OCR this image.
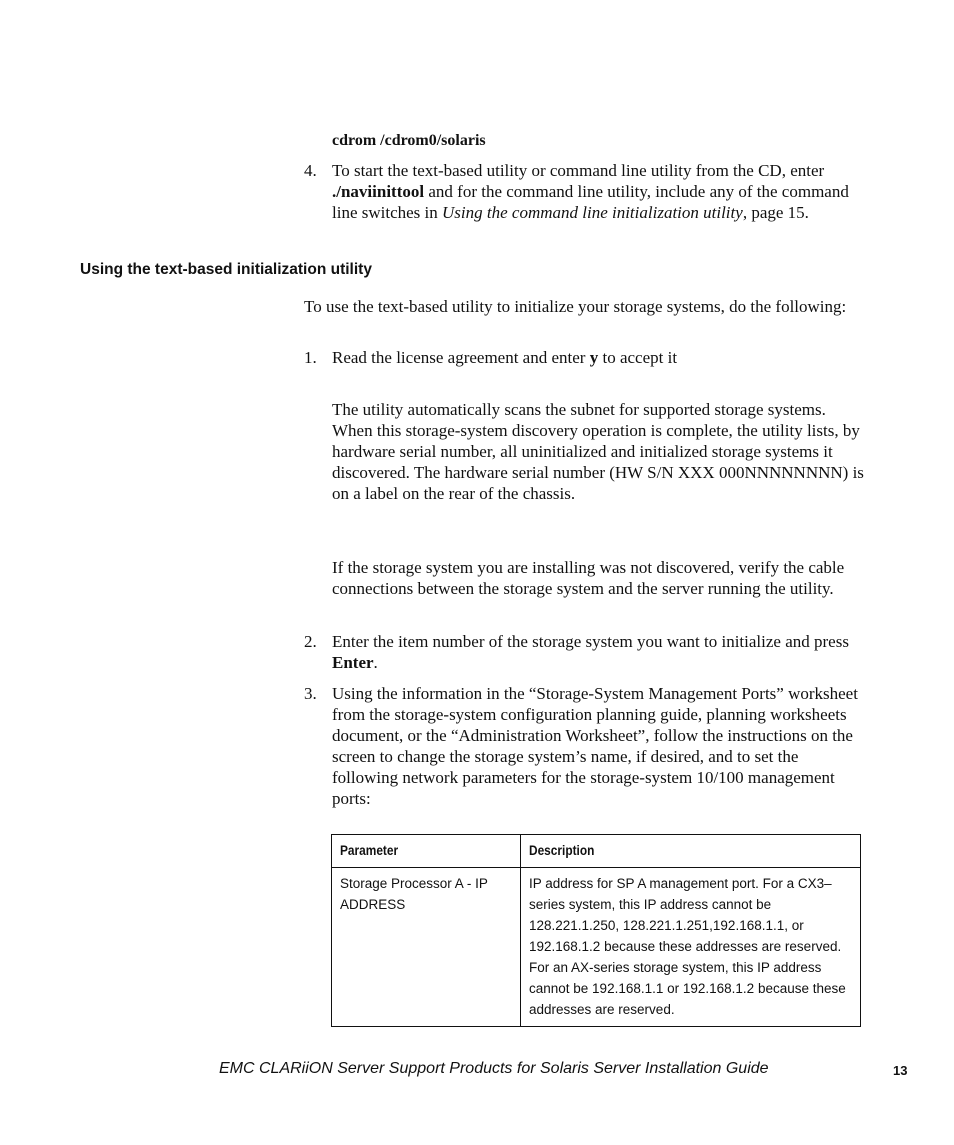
cdrom /cdrom0/solaris
4. To start the text-based utility or command line utility from the CD, enter ./naviinittool and for the command line utility, include any of the command line switches in Using the command line initialization utility, page 15.
Using the text-based initialization utility
To use the text-based utility to initialize your storage systems, do the following:
1. Read the license agreement and enter y to accept it
The utility automatically scans the subnet for supported storage systems. When this storage-system discovery operation is complete, the utility lists, by hardware serial number, all uninitialized and initialized storage systems it discovered. The hardware serial number (HW S/N XXX 000NNNNNNNN) is on a label on the rear of the chassis.
If the storage system you are installing was not discovered, verify the cable connections between the storage system and the server running the utility.
2. Enter the item number of the storage system you want to initialize and press Enter.
3. Using the information in the “Storage-System Management Ports” worksheet from the storage-system configuration planning guide, planning worksheets document, or the “Administration Worksheet”, follow the instructions on the screen to change the storage system’s name, if desired, and to set the following network parameters for the storage-system 10/100 management ports:
Parameter	Description
Storage Processor A - IP ADDRESS	IP address for SP A management port. For a CX3–series system, this IP address cannot be 128.221.1.250, 128.221.1.251,192.168.1.1, or 192.168.1.2 because these addresses are reserved. For an AX-series storage system, this IP address cannot be 192.168.1.1 or 192.168.1.2 because these addresses are reserved.
EMC CLARiiON Server Support Products for Solaris Server Installation Guide	13
